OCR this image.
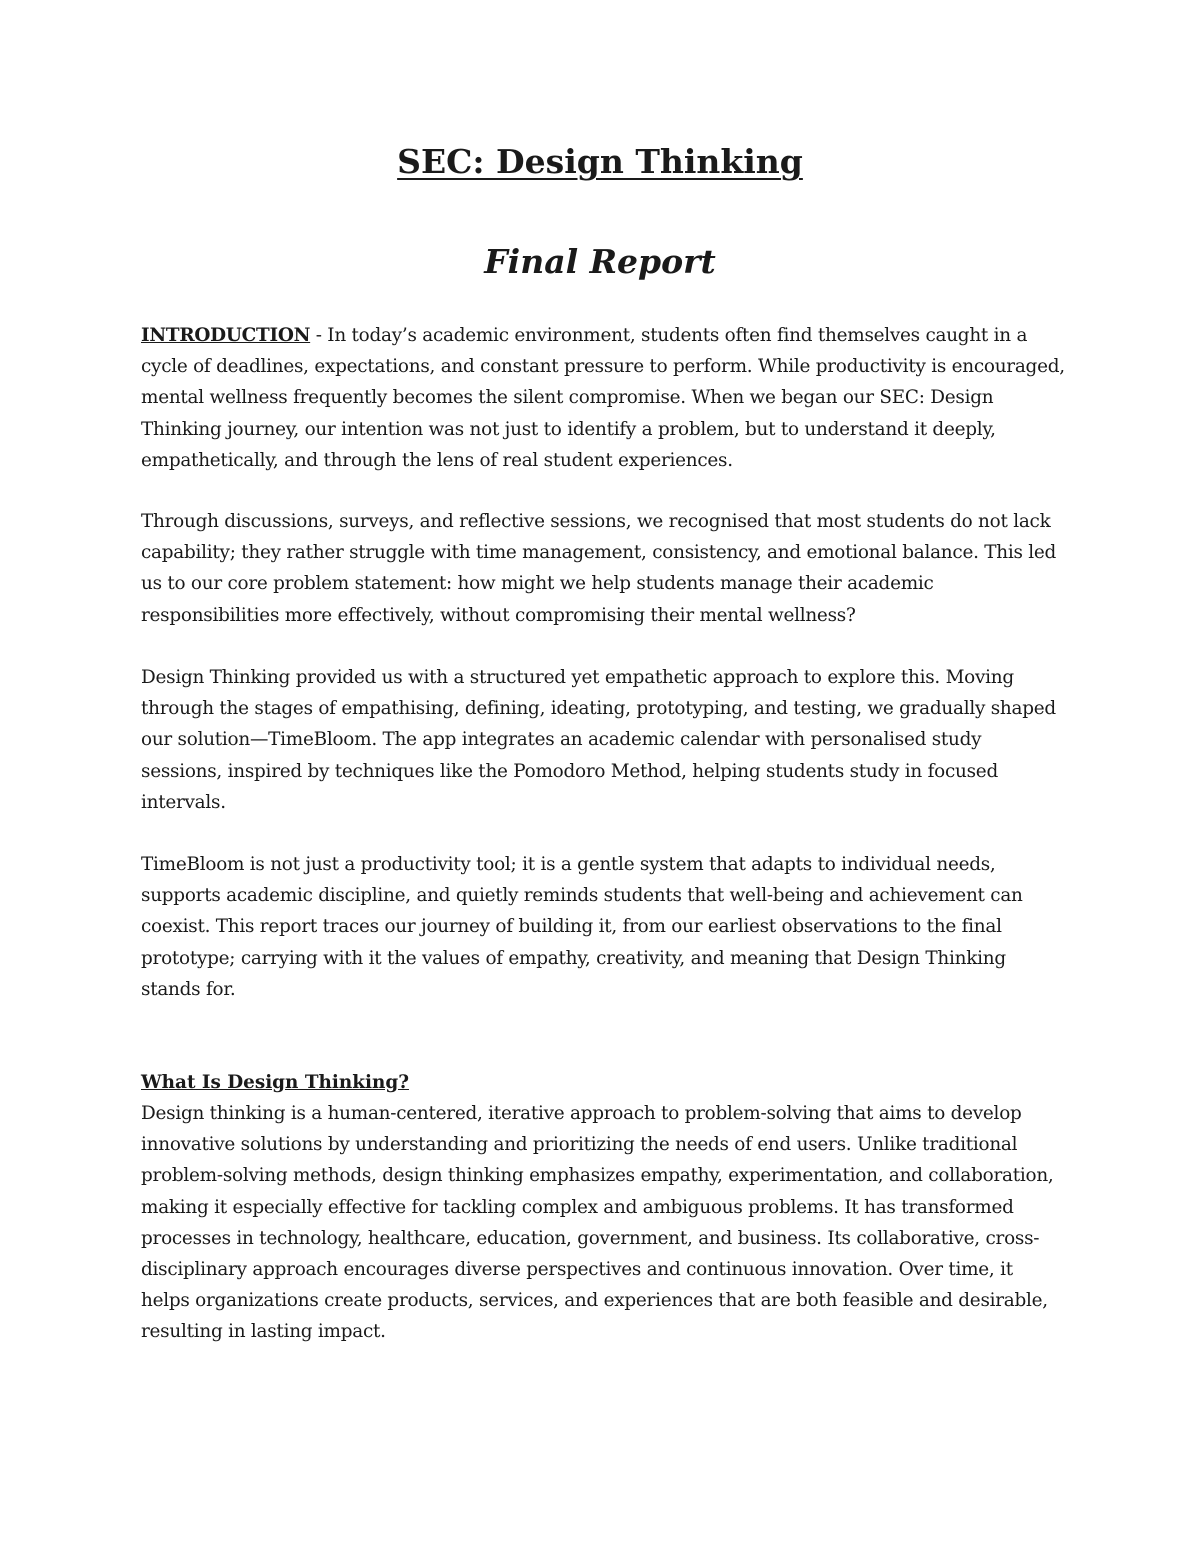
SEC: Design Thinking
Final Report

INTRODUCTION - In today’s academic environment, students often find themselves caught in a cycle of deadlines, expectations, and constant pressure to perform. While productivity is encouraged, mental wellness frequently becomes the silent compromise. When we began our SEC: Design Thinking journey, our intention was not just to identify a problem, but to understand it deeply, empathetically, and through the lens of real student experiences.

Through discussions, surveys, and reflective sessions, we recognised that most students do not lack capability; they rather struggle with time management, consistency, and emotional balance. This led us to our core problem statement: how might we help students manage their academic responsibilities more effectively, without compromising their mental wellness?

Design Thinking provided us with a structured yet empathetic approach to explore this. Moving through the stages of empathising, defining, ideating, prototyping, and testing, we gradually shaped our solution—TimeBloom. The app integrates an academic calendar with personalised study sessions, inspired by techniques like the Pomodoro Method, helping students study in focused intervals.

TimeBloom is not just a productivity tool; it is a gentle system that adapts to individual needs, supports academic discipline, and quietly reminds students that well-being and achievement can coexist. This report traces our journey of building it, from our earliest observations to the final prototype; carrying with it the values of empathy, creativity, and meaning that Design Thinking stands for.

What Is Design Thinking?

Design thinking is a human-centered, iterative approach to problem-solving that aims to develop innovative solutions by understanding and prioritizing the needs of end users. Unlike traditional problem-solving methods, design thinking emphasizes empathy, experimentation, and collaboration, making it especially effective for tackling complex and ambiguous problems. It has transformed processes in technology, healthcare, education, government, and business. Its collaborative, cross-disciplinary approach encourages diverse perspectives and continuous innovation. Over time, it helps organizations create products, services, and experiences that are both feasible and desirable, resulting in lasting impact.
